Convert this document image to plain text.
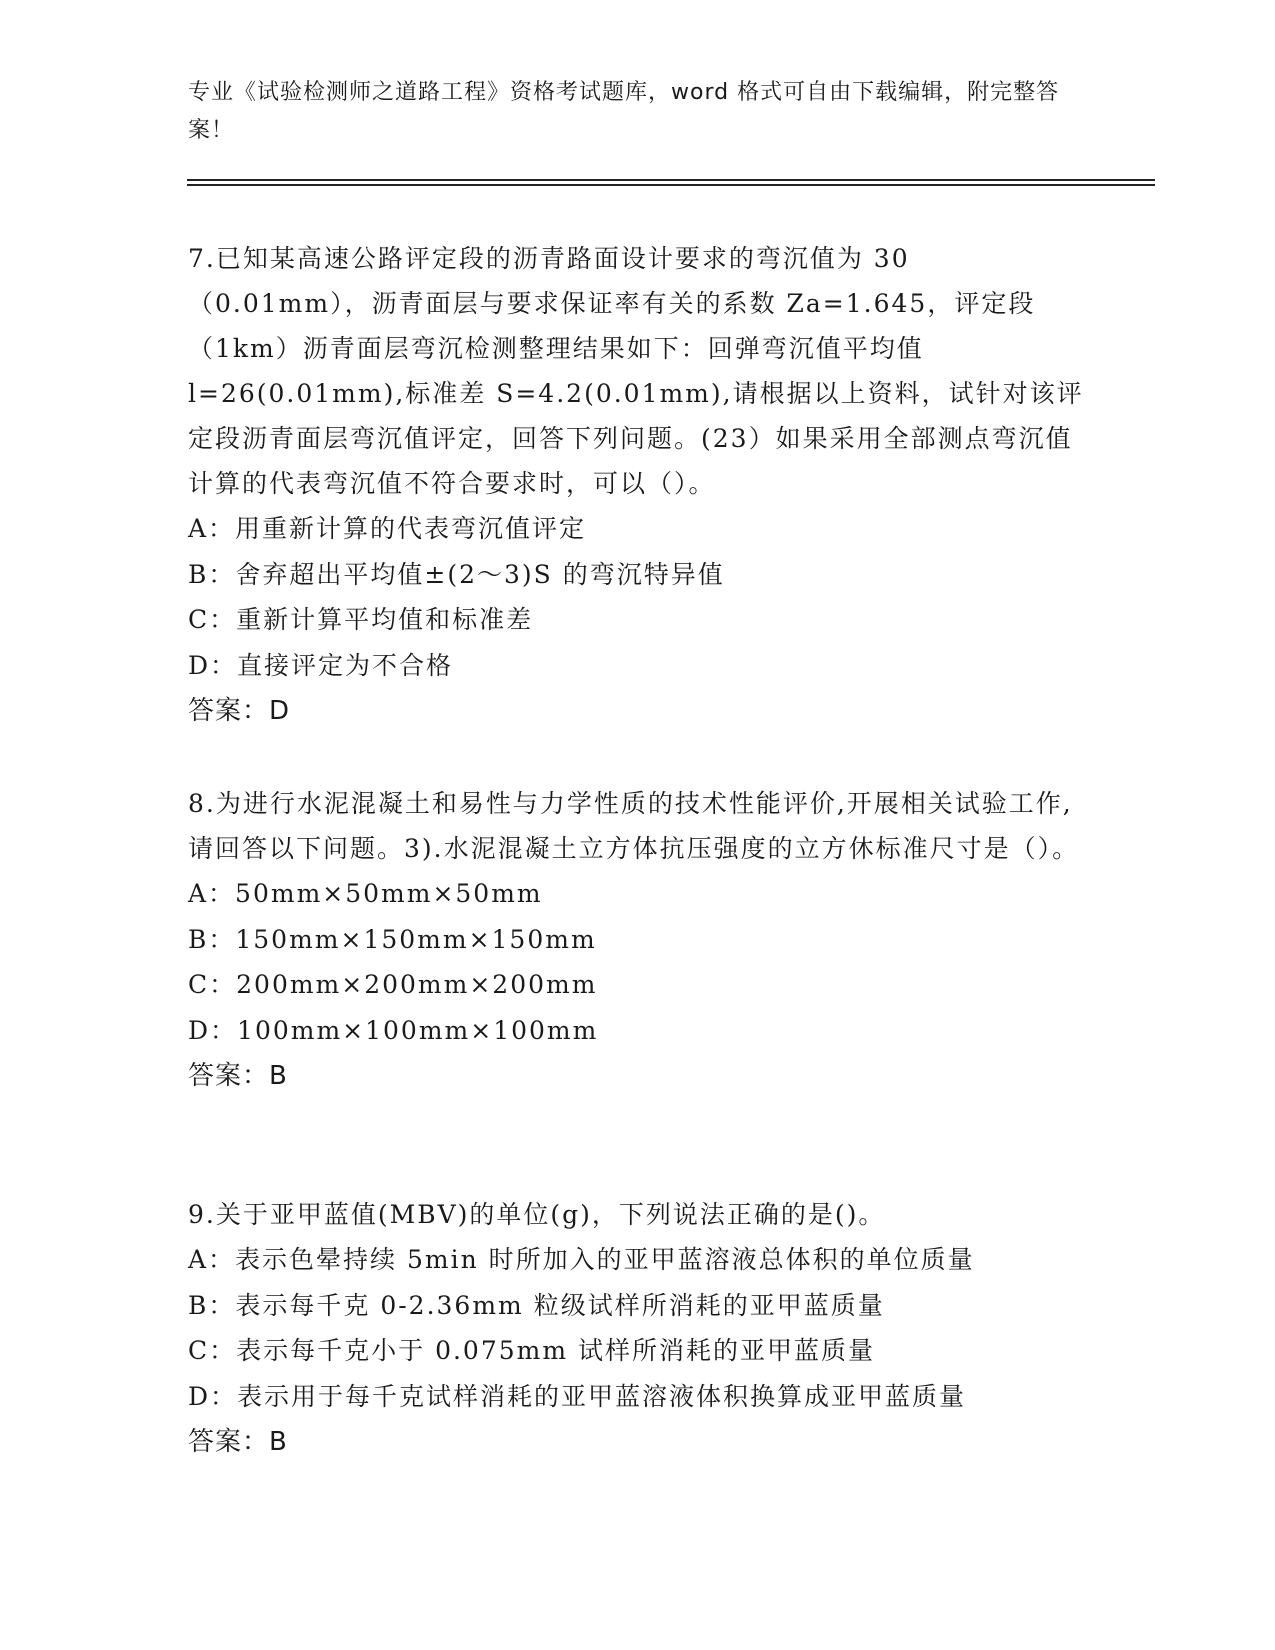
专业《试验检测师之道路工程》资格考试题库，word 格式可自由下载编辑，附完整答案！
7.已知某高速公路评定段的沥青路面设计要求的弯沉值为 30（0.01mm），沥青面层与要求保证率有关的系数 Za=1.645，评定段（1km）沥青面层弯沉检测整理结果如下：回弹弯沉值平均值 l=26(0.01mm),标准差 S=4.2(0.01mm),请根据以上资料，试针对该评定段沥青面层弯沉值评定，回答下列问题。(23）如果采用全部测点弯沉值计算的代表弯沉值不符合要求时，可以（）。
A：用重新计算的代表弯沉值评定
B：舍弃超出平均值±(2～3)S 的弯沉特异值
C：重新计算平均值和标准差
D：直接评定为不合格
答案：D
8.为进行水泥混凝土和易性与力学性质的技术性能评价,开展相关试验工作,请回答以下问题。3).水泥混凝土立方体抗压强度的立方休标准尺寸是（）。
A：50mm×50mm×50mm
B：150mm×150mm×150mm
C：200mm×200mm×200mm
D：100mm×100mm×100mm
答案：B
9.关于亚甲蓝值(MBV)的单位(g)，下列说法正确的是()。
A：表示色晕持续 5min 时所加入的亚甲蓝溶液总体积的单位质量
B：表示每千克 0-2.36mm 粒级试样所消耗的亚甲蓝质量
C：表示每千克小于 0.075mm 试样所消耗的亚甲蓝质量
D：表示用于每千克试样消耗的亚甲蓝溶液体积换算成亚甲蓝质量
答案：B
